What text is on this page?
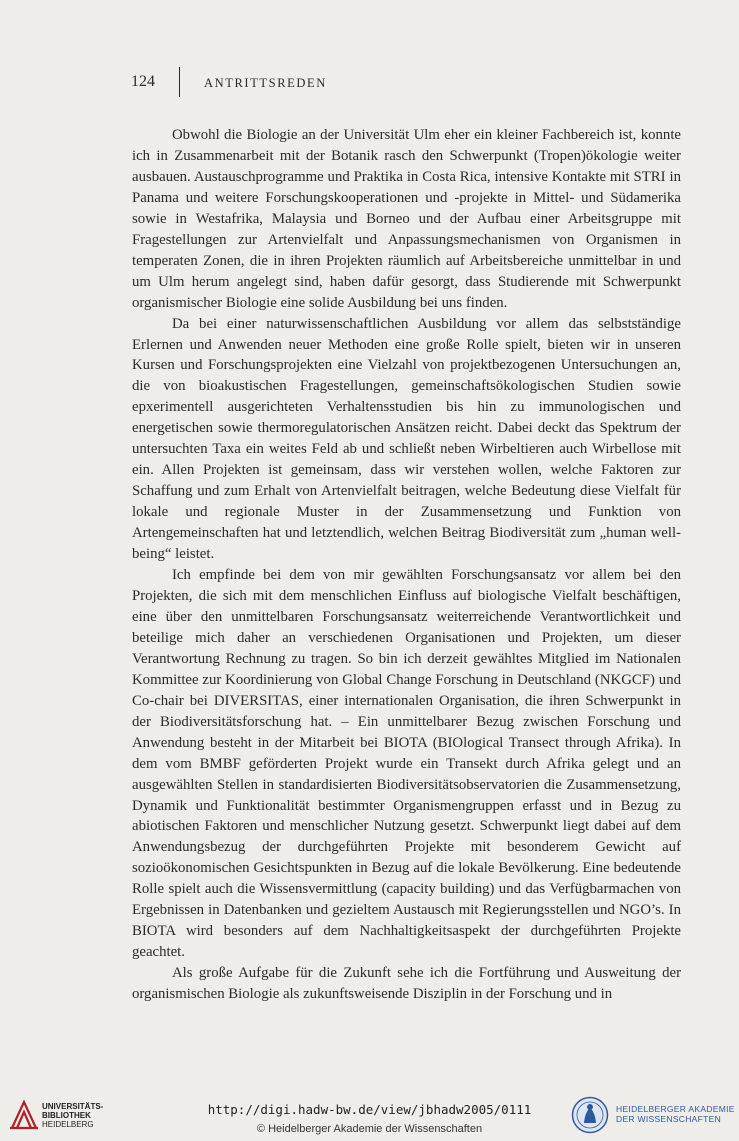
124	ANTRITTSREDEN

Obwohl die Biologie an der Universität Ulm eher ein kleiner Fachbereich ist, konnte ich in Zusammenarbeit mit der Botanik rasch den Schwerpunkt (Tropen)ökologie weiter ausbauen. Austauschprogramme und Praktika in Costa Rica, intensive Kontakte mit STRI in Panama und weitere Forschungskooperationen und -projekte in Mittel- und Südamerika sowie in Westafrika, Malaysia und Borneo und der Aufbau einer Arbeitsgruppe mit Fragestellungen zur Artenvielfalt und Anpassungsmechanismen von Organismen in temperaten Zonen, die in ihren Projekten räumlich auf Arbeitsbereiche unmittelbar in und um Ulm herum angelegt sind, haben dafür gesorgt, dass Studierende mit Schwerpunkt organismischer Biologie eine solide Ausbildung bei uns finden.

Da bei einer naturwissenschaftlichen Ausbildung vor allem das selbstständige Erlernen und Anwenden neuer Methoden eine große Rolle spielt, bieten wir in unseren Kursen und Forschungsprojekten eine Vielzahl von projektbezogenen Untersuchungen an, die von bioakustischen Fragestellungen, gemeinschaftsökologischen Studien sowie epxerimentell ausgerichteten Verhaltensstudien bis hin zu immunologischen und energetischen sowie thermoregulatorischen Ansätzen reicht. Dabei deckt das Spektrum der untersuchten Taxa ein weites Feld ab und schließt neben Wirbeltieren auch Wirbellose mit ein. Allen Projekten ist gemeinsam, dass wir verstehen wollen, welche Faktoren zur Schaffung und zum Erhalt von Artenvielfalt beitragen, welche Bedeutung diese Vielfalt für lokale und regionale Muster in der Zusammensetzung und Funktion von Artengemeinschaften hat und letztendlich, welchen Beitrag Biodiversität zum „human well-being“ leistet.

Ich empfinde bei dem von mir gewählten Forschungsansatz vor allem bei den Projekten, die sich mit dem menschlichen Einfluss auf biologische Vielfalt beschäftigen, eine über den unmittelbaren Forschungsansatz weiterreichende Verantwortlichkeit und beteilige mich daher an verschiedenen Organisationen und Projekten, um dieser Verantwortung Rechnung zu tragen. So bin ich derzeit gewähltes Mitglied im Nationalen Kommittee zur Koordinierung von Global Change Forschung in Deutschland (NKGCF) und Co-chair bei DIVERSITAS, einer internationalen Organisation, die ihren Schwerpunkt in der Biodiversitätsforschung hat. – Ein unmittelbarer Bezug zwischen Forschung und Anwendung besteht in der Mitarbeit bei BIOTA (BIOlogical Transect through Afrika). In dem vom BMBF geförderten Projekt wurde ein Transekt durch Afrika gelegt und an ausgewählten Stellen in standardisierten Biodiversitätsobservatorien die Zusammensetzung, Dynamik und Funktionalität bestimmter Organismengruppen erfasst und in Bezug zu abiotischen Faktoren und menschlicher Nutzung gesetzt. Schwerpunkt liegt dabei auf dem Anwendungsbezug der durchgeführten Projekte mit besonderem Gewicht auf sozioökonomischen Gesichtspunkten in Bezug auf die lokale Bevölkerung. Eine bedeutende Rolle spielt auch die Wissensvermittlung (capacity building) und das Verfügbarmachen von Ergebnissen in Datenbanken und gezieltem Austausch mit Regierungsstellen und NGO’s. In BIOTA wird besonders auf dem Nachhaltigkeitsaspekt der durchgeführten Projekte geachtet.

Als große Aufgabe für die Zukunft sehe ich die Fortführung und Ausweitung der organismischen Biologie als zukunftsweisende Disziplin in der Forschung und in

UNIVERSITÄTS-
BIBLIOTHEK
HEIDELBERG
http://digi.hadw-bw.de/view/jbhadw2005/0111
© Heidelberger Akademie der Wissenschaften
HEIDELBERGER AKADEMIE
DER WISSENSCHAFTEN
